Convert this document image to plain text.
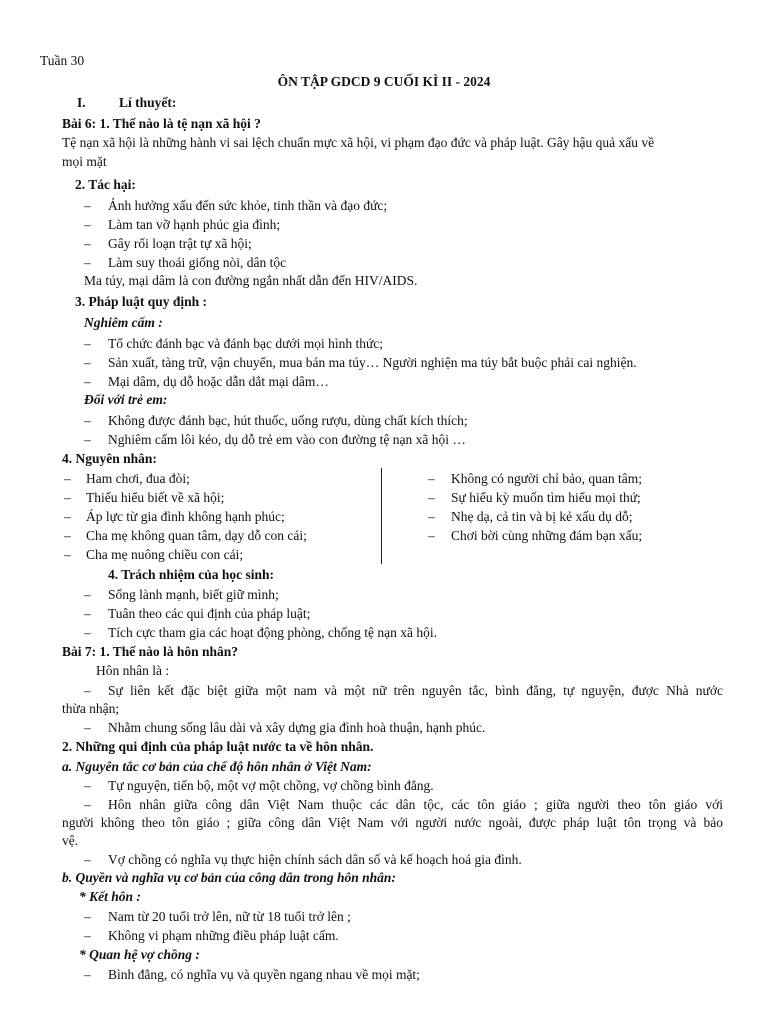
Tuần 30
ÔN TẬP GDCD 9 CUỐI KÌ II - 2024
I. Lí thuyết:
Bài 6: 1. Thế nào là tệ nạn xã hội ?
Tệ nạn xã hội là những hành vi sai lệch chuẩn mực xã hội, vi phạm đạo đức và pháp luật. Gây hậu quả xấu về
mọi mặt
2. Tác hại:
– Ảnh hưởng xấu đến sức khỏe, tinh thần và đạo đức;
– Làm tan vỡ hạnh phúc gia đình;
– Gây rối loạn trật tự xã hội;
– Làm suy thoái giống nòi, dân tộc
Ma túy, mại dâm là con đường ngắn nhất dẫn đến HIV/AIDS.
3. Pháp luật quy định :
Nghiêm cấm :
– Tổ chức đánh bạc và đánh bạc dưới mọi hình thức;
– Sản xuất, tàng trữ, vận chuyển, mua bán ma túy… Người nghiện ma túy bắt buộc phải cai nghiện.
– Mại dâm, dụ dỗ hoặc dẫn dắt mại dâm…
Đối với trẻ em:
– Không được đánh bạc, hút thuốc, uống rượu, dùng chất kích thích;
– Nghiêm cấm lôi kéo, dụ dỗ trẻ em vào con đường tệ nạn xã hội …
4. Nguyên nhân:
– Ham chơi, đua đòi;
– Thiếu hiểu biết về xã hội;
– Áp lực từ gia đình không hạnh phúc;
– Cha mẹ không quan tâm, dạy dỗ con cái;
– Cha mẹ nuông chiều con cái;
– Không có người chỉ bảo, quan tâm;
– Sự hiếu kỳ muốn tìm hiểu mọi thứ;
– Nhẹ dạ, cả tin và bị kẻ xấu dụ dỗ;
– Chơi bời cùng những đám bạn xấu;
4. Trách nhiệm của học sinh:
– Sống lành mạnh, biết giữ mình;
– Tuân theo các qui định của pháp luật;
– Tích cực tham gia các hoạt động phòng, chống tệ nạn xã hội.
Bài 7: 1. Thế nào là hôn nhân?
Hôn nhân là :
– Sự liên kết đặc biệt giữa một nam và một nữ trên nguyên tắc, bình đẳng, tự nguyện, được Nhà nước
thừa nhận;
– Nhằm chung sống lâu dài và xây dựng gia đình hoà thuận, hạnh phúc.
2. Những qui định của pháp luật nước ta về hôn nhân.
a. Nguyên tắc cơ bản của chế độ hôn nhân ở Việt Nam:
– Tự nguyện, tiến bộ, một vợ một chồng, vợ chồng bình đẳng.
– Hôn nhân giữa công dân Việt Nam thuộc các dân tộc, các tôn giáo ; giữa người theo tôn giáo với
người không theo tôn giáo ; giữa công dân Việt Nam với người nước ngoài, được pháp luật tôn trọng và bảo
vệ.
– Vợ chồng có nghĩa vụ thực hiện chính sách dân số và kế hoạch hoá gia đình.
b. Quyền và nghĩa vụ cơ bản của công dân trong hôn nhân:
* Kết hôn :
– Nam từ 20 tuổi trở lên, nữ từ 18 tuổi trở lên ;
– Không vi phạm những điều pháp luật cấm.
* Quan hệ vợ chồng :
– Bình đẳng, có nghĩa vụ và quyền ngang nhau về mọi mặt;
